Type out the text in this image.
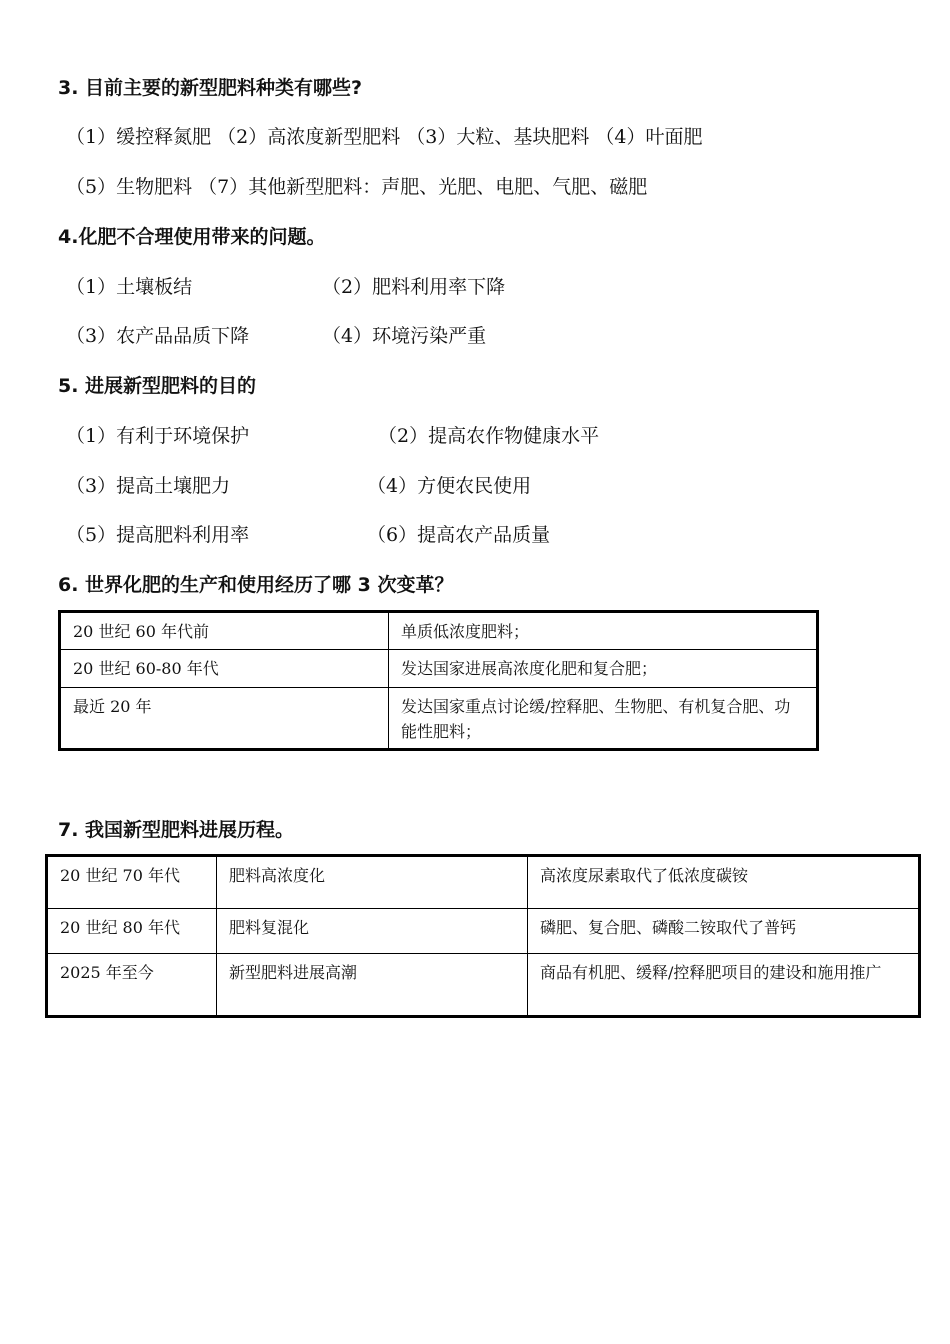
3. 目前主要的新型肥料种类有哪些?
（1）缓控释氮肥 （2）高浓度新型肥料 （3）大粒、基块肥料 （4）叶面肥
（5）生物肥料 （7）其他新型肥料：声肥、光肥、电肥、气肥、磁肥
4.化肥不合理使用带来的问题。
（1）土壤板结	（2）肥料利用率下降
（3）农产品品质下降	（4）环境污染严重
5. 进展新型肥料的目的
（1）有利于环境保护	（2）提高农作物健康水平
（3）提高土壤肥力	（4）方便农民使用
（5）提高肥料利用率	（6）提高农产品质量
6. 世界化肥的生产和使用经历了哪 3 次变革？
20 世纪 60 年代前	单质低浓度肥料；
20 世纪 60-80 年代	发达国家进展高浓度化肥和复合肥；
最近 20 年	发达国家重点讨论缓/控释肥、生物肥、有机复合肥、功能性肥料；
7. 我国新型肥料进展历程。
20 世纪 70 年代	肥料高浓度化	高浓度尿素取代了低浓度碳铵
20 世纪 80 年代	肥料复混化	磷肥、复合肥、磷酸二铵取代了普钙
2025 年至今	新型肥料进展高潮	商品有机肥、缓释/控释肥项目的建设和施用推广
